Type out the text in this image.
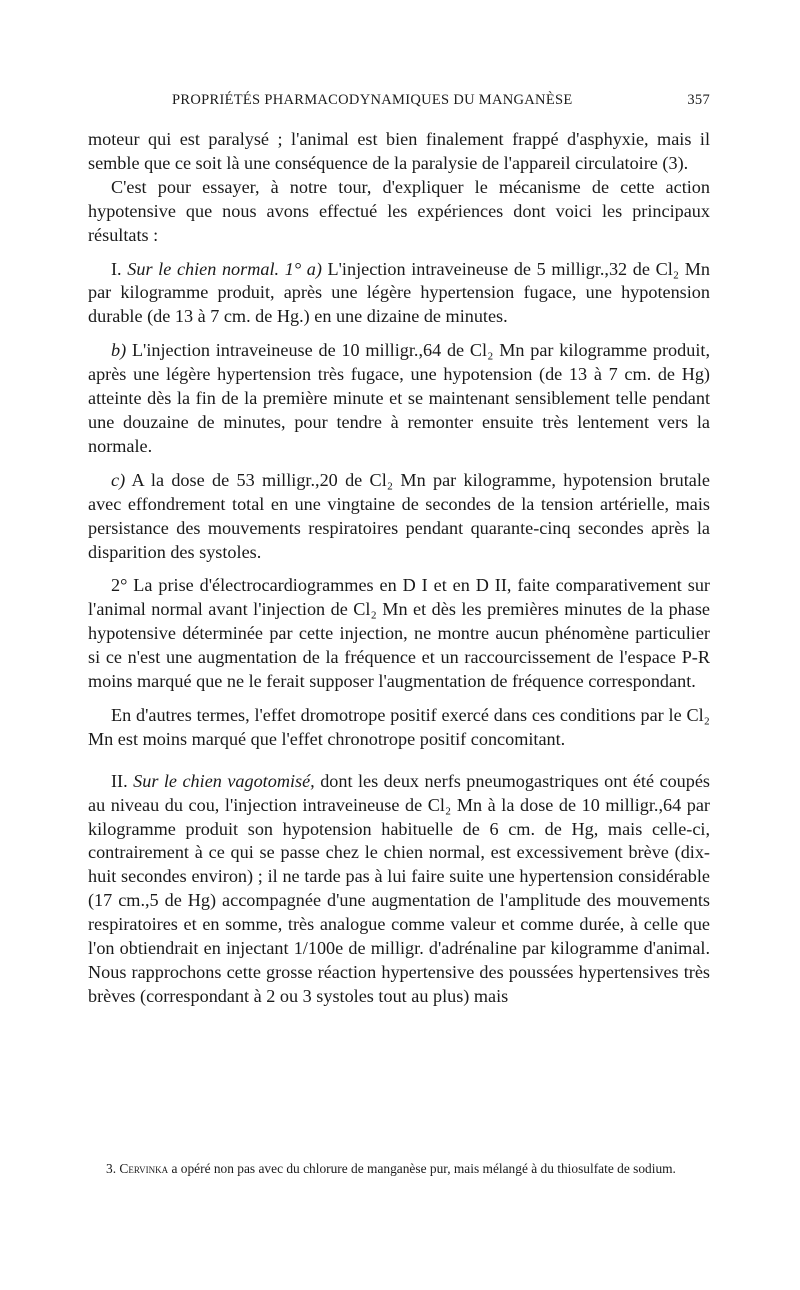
PROPRIÉTÉS PHARMACODYNAMIQUES DU MANGANÈSE	357

moteur qui est paralysé ; l'animal est bien finalement frappé d'asphyxie, mais il semble que ce soit là une conséquence de la paralysie de l'appareil circulatoire (3).

C'est pour essayer, à notre tour, d'expliquer le mécanisme de cette action hypotensive que nous avons effectué les expériences dont voici les principaux résultats :

I. Sur le chien normal. 1° a) L'injection intraveineuse de 5 milligr.,32 de Cl₂ Mn par kilogramme produit, après une légère hypertension fugace, une hypotension durable (de 13 à 7 cm. de Hg.) en une dizaine de minutes.

b) L'injection intraveineuse de 10 milligr.,64 de Cl₂ Mn par kilogramme produit, après une légère hypertension très fugace, une hypotension (de 13 à 7 cm. de Hg) atteinte dès la fin de la première minute et se maintenant sensiblement telle pendant une douzaine de minutes, pour tendre à remonter ensuite très lentement vers la normale.

c) A la dose de 53 milligr.,20 de Cl₂ Mn par kilogramme, hypotension brutale avec effondrement total en une vingtaine de secondes de la tension artérielle, mais persistance des mouvements respiratoires pendant quarante-cinq secondes après la disparition des systoles.

2° La prise d'électrocardiogrammes en D I et en D II, faite comparativement sur l'animal normal avant l'injection de Cl₂ Mn et dès les premières minutes de la phase hypotensive déterminée par cette injection, ne montre aucun phénomène particulier si ce n'est une augmentation de la fréquence et un raccourcissement de l'espace P-R moins marqué que ne le ferait supposer l'augmentation de fréquence correspondant.

En d'autres termes, l'effet dromotrope positif exercé dans ces conditions par le Cl₂ Mn est moins marqué que l'effet chronotrope positif concomitant.

II. Sur le chien vagotomisé, dont les deux nerfs pneumogastriques ont été coupés au niveau du cou, l'injection intraveineuse de Cl₂ Mn à la dose de 10 milligr.,64 par kilogramme produit son hypotension habituelle de 6 cm. de Hg, mais celle-ci, contrairement à ce qui se passe chez le chien normal, est excessivement brève (dix-huit secondes environ) ; il ne tarde pas à lui faire suite une hypertension considérable (17 cm.,5 de Hg) accompagnée d'une augmentation de l'amplitude des mouvements respiratoires et en somme, très analogue comme valeur et comme durée, à celle que l'on obtiendrait en injectant 1/100e de milligr. d'adrénaline par kilogramme d'animal. Nous rapprochons cette grosse réaction hypertensive des poussées hypertensives très brèves (correspondant à 2 ou 3 systoles tout au plus) mais

3. Cervinka a opéré non pas avec du chlorure de manganèse pur, mais mélangé à du thiosulfate de sodium.
